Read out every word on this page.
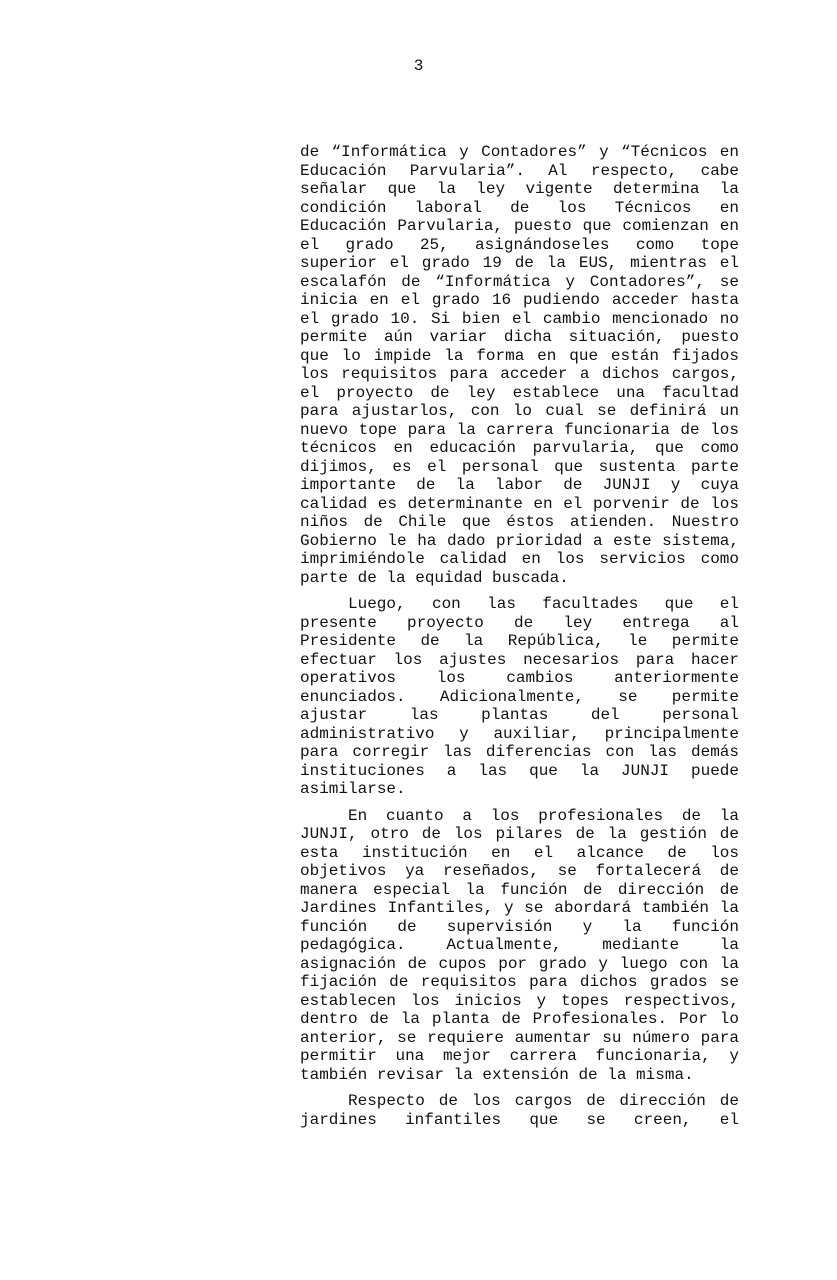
3

de “Informática y Contadores” y “Técnicos en Educación Parvularia”. Al respecto, cabe señalar que la ley vigente determina la condición laboral de los Técnicos en Educación Parvularia, puesto que comienzan en el grado 25, asignándoseles como tope superior el grado 19 de la EUS, mientras el escalafón de “Informática y Contadores”, se inicia en el grado 16 pudiendo acceder hasta el grado 10. Si bien el cambio mencionado no permite aún variar dicha situación, puesto que lo impide la forma en que están fijados los requisitos para acceder a dichos cargos, el proyecto de ley establece una facultad para ajustarlos, con lo cual se definirá un nuevo tope para la carrera funcionaria de los técnicos en educación parvularia, que como dijimos, es el personal que sustenta parte importante de la labor de JUNJI y cuya calidad es determinante en el porvenir de los niños de Chile que éstos atienden. Nuestro Gobierno le ha dado prioridad a este sistema, imprimiéndole calidad en los servicios como parte de la equidad buscada.

Luego, con las facultades que el presente proyecto de ley entrega al Presidente de la República, le permite efectuar los ajustes necesarios para hacer operativos los cambios anteriormente enunciados. Adicionalmente, se permite ajustar las plantas del personal administrativo y auxiliar, principalmente para corregir las diferencias con las demás instituciones a las que la JUNJI puede asimilarse.

En cuanto a los profesionales de la JUNJI, otro de los pilares de la gestión de esta institución en el alcance de los objetivos ya reseñados, se fortalecerá de manera especial la función de dirección de Jardines Infantiles, y se abordará también la función de supervisión y la función pedagógica. Actualmente, mediante la asignación de cupos por grado y luego con la fijación de requisitos para dichos grados se establecen los inicios y topes respectivos, dentro de la planta de Profesionales. Por lo anterior, se requiere aumentar su número para permitir una mejor carrera funcionaria, y también revisar la extensión de la misma.

Respecto de los cargos de dirección de jardines infantiles que se creen, el
